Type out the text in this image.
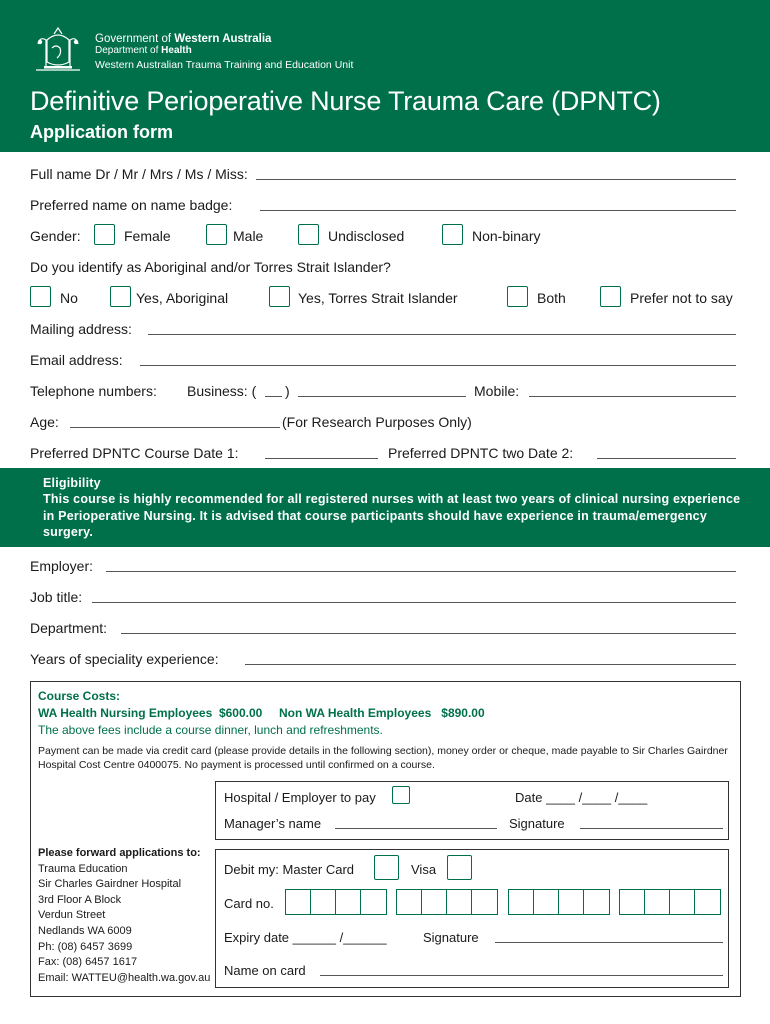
Government of Western Australia
Department of Health
Western Australian Trauma Training and Education Unit
Definitive Perioperative Nurse Trauma Care (DPNTC)
Application form
Full name Dr / Mr / Mrs / Ms / Miss:
Preferred name on name badge:
Gender:	Female	Male	Undisclosed	Non-binary
Do you identify as Aboriginal and/or Torres Strait Islander?
No	Yes, Aboriginal	Yes, Torres Strait Islander	Both	Prefer not to say
Mailing address:
Email address:
Telephone numbers: Business: ( )	Mobile:
Age:	(For Research Purposes Only)
Preferred DPNTC Course Date 1:	Preferred DPNTC two Date 2:
Eligibility
This course is highly recommended for all registered nurses with at least two years of clinical nursing experience in Perioperative Nursing. It is advised that course participants should have experience in trauma/emergency surgery.
Employer:
Job title:
Department:
Years of speciality experience:
Course Costs:
WA Health Nursing Employees $600.00 Non WA Health Employees $890.00
The above fees include a course dinner, lunch and refreshments.
Payment can be made via credit card (please provide details in the following section), money order or cheque, made payable to Sir Charles Gairdner Hospital Cost Centre 0400075. No payment is processed until confirmed on a course.
Hospital / Employer to pay	Date ____ /____ /____
Manager’s name	Signature
Please forward applications to:
Trauma Education
Sir Charles Gairdner Hospital
3rd Floor A Block
Verdun Street
Nedlands WA 6009
Ph: (08) 6457 3699
Fax: (08) 6457 1617
Email: WATTEU@health.wa.gov.au
Debit my: Master Card	Visa
Card no.
Expiry date ______ /______	Signature
Name on card
